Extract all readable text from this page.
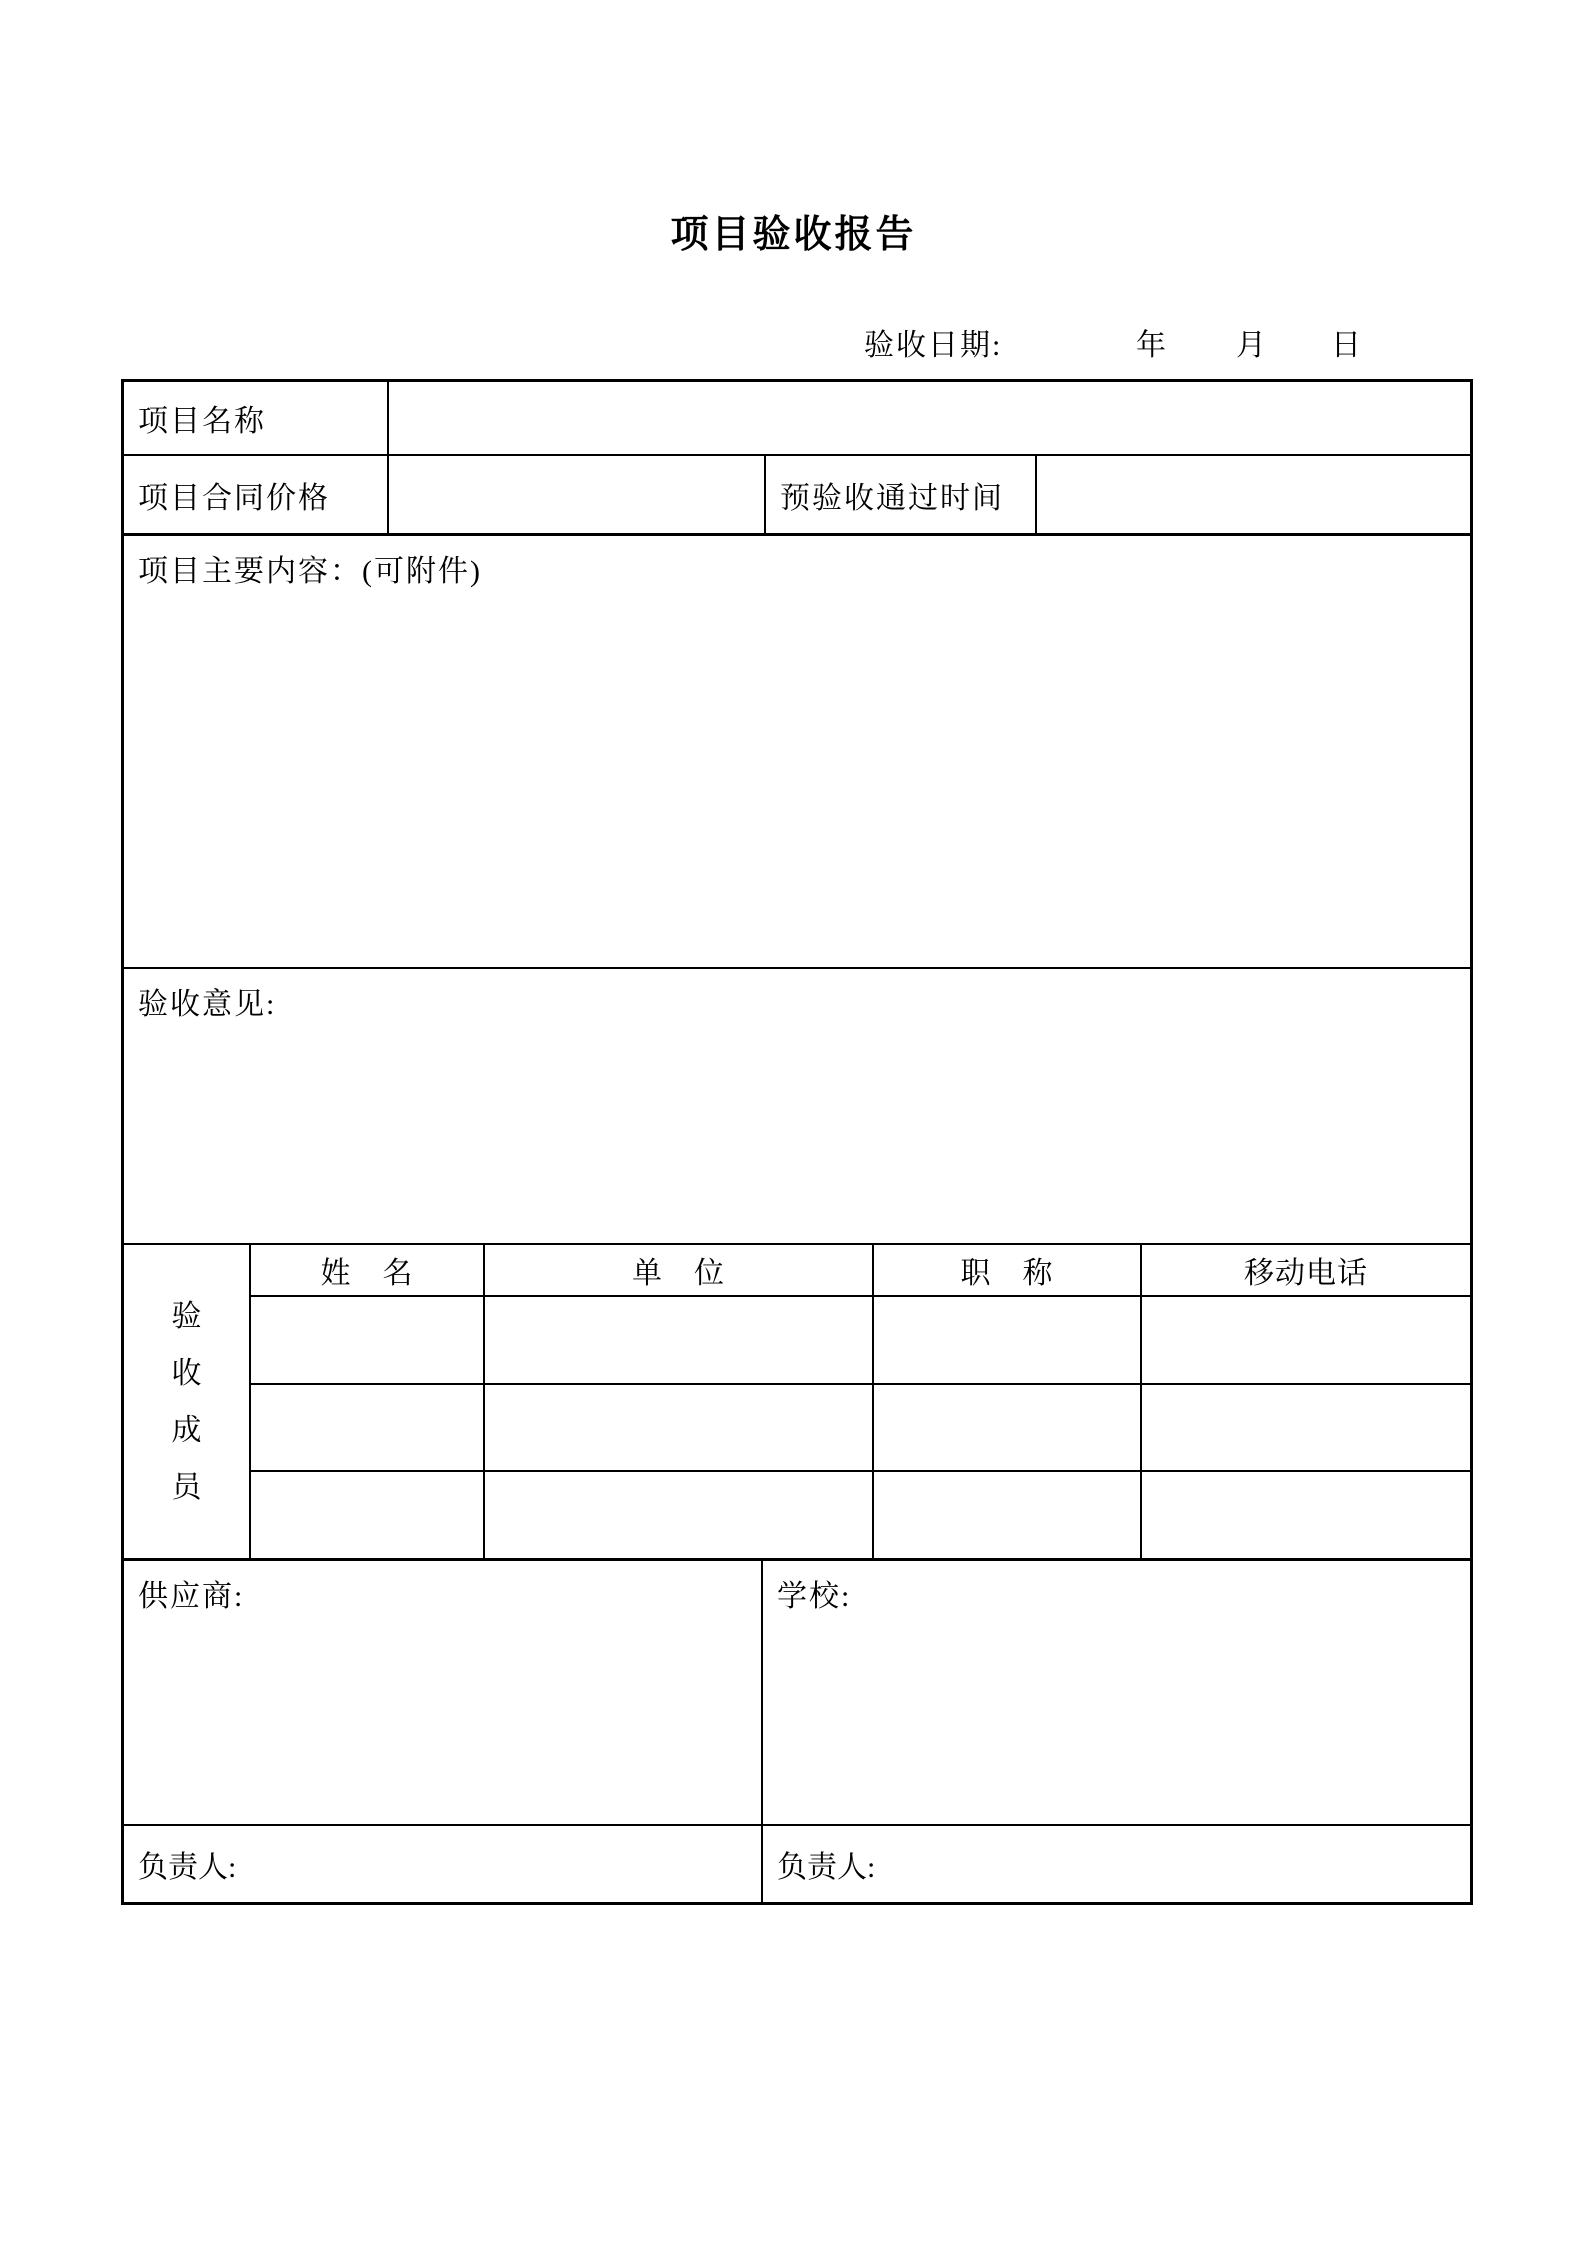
项目验收报告
验收日期:	年 月 日
项目名称
项目合同价格	预验收通过时间
项目主要内容：(可附件)
验收意见:
验收成员
姓　名	单　位	职　称	移动电话
供应商:	学校:
负责人:	负责人:
